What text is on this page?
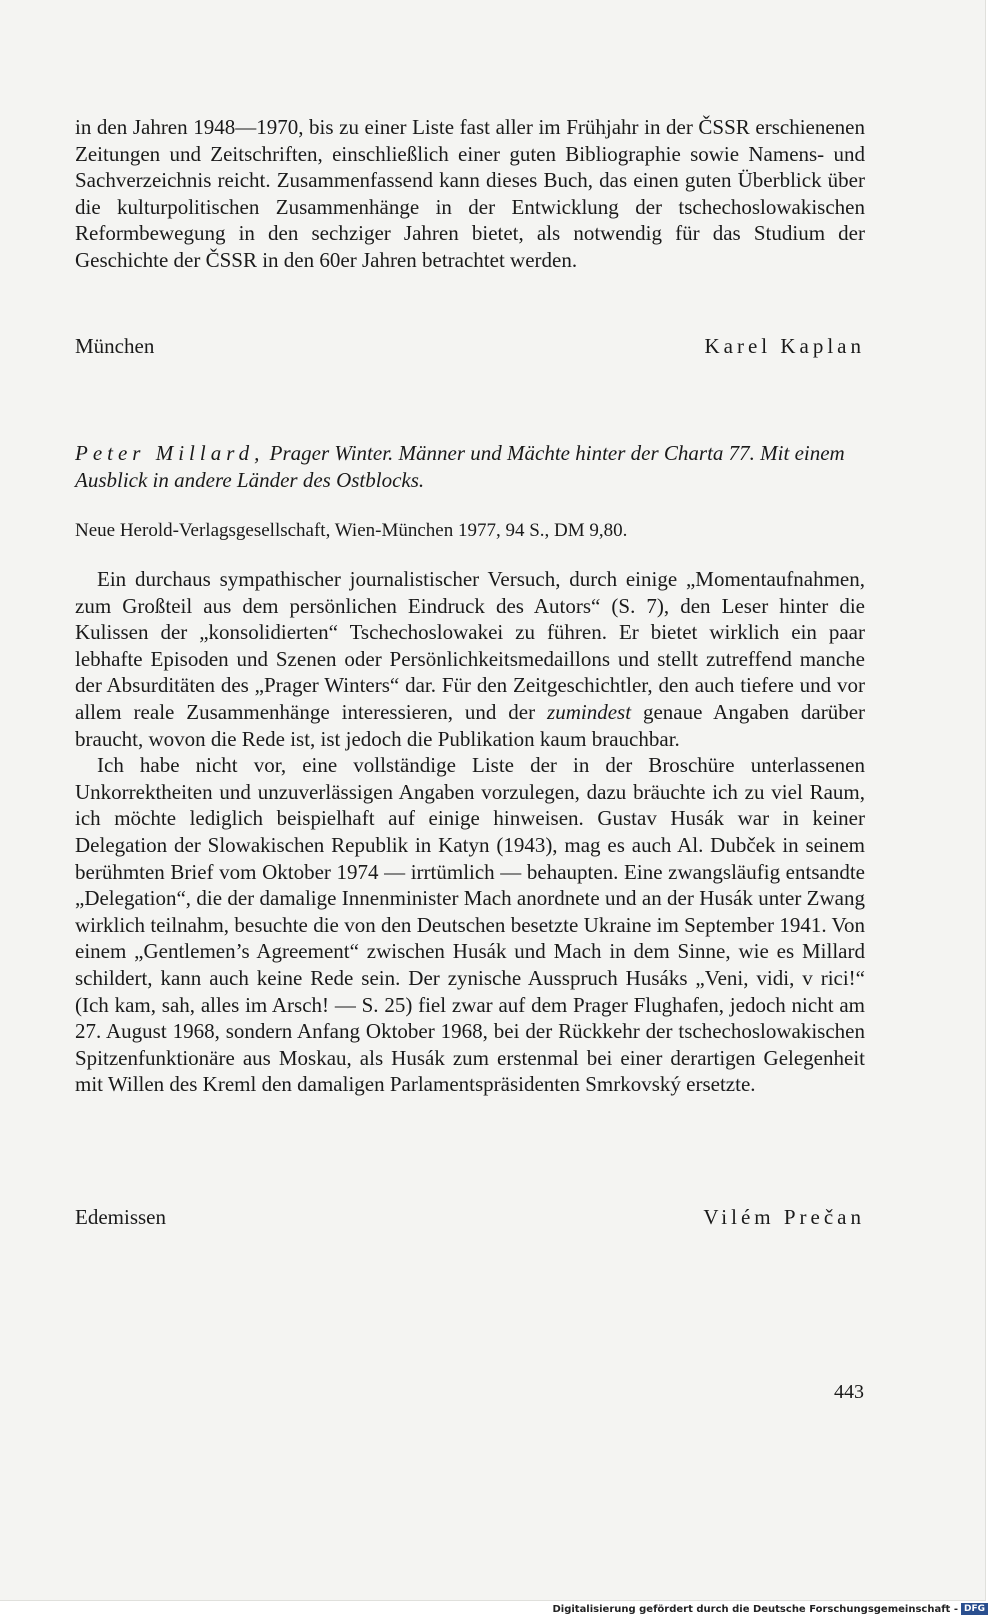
in den Jahren 1948—1970, bis zu einer Liste fast aller im Frühjahr in der ČSSR erschienenen Zeitungen und Zeitschriften, einschließlich einer guten Bibliographie sowie Namens- und Sachverzeichnis reicht. Zusammenfassend kann dieses Buch, das einen guten Überblick über die kulturpolitischen Zusammenhänge in der Entwicklung der tschechoslowakischen Reformbewegung in den sechziger Jahren bietet, als notwendig für das Studium der Geschichte der ČSSR in den 60er Jahren betrachtet werden.

München	Karel Kaplan
Peter Millard, Prager Winter. Männer und Mächte hinter der Charta 77. Mit einem Ausblick in andere Länder des Ostblocks.
Neue Herold-Verlagsgesellschaft, Wien-München 1977, 94 S., DM 9,80.

Ein durchaus sympathischer journalistischer Versuch, durch einige „Momentaufnahmen, zum Großteil aus dem persönlichen Eindruck des Autors“ (S. 7), den Leser hinter die Kulissen der „konsolidierten“ Tschechoslowakei zu führen. Er bietet wirklich ein paar lebhafte Episoden und Szenen oder Persönlichkeitsmedaillons und stellt zutreffend manche der Absurditäten des „Prager Winters“ dar. Für den Zeitgeschichtler, den auch tiefere und vor allem reale Zusammenhänge interessieren, und der zumindest genaue Angaben darüber braucht, wovon die Rede ist, ist jedoch die Publikation kaum brauchbar.

Ich habe nicht vor, eine vollständige Liste der in der Broschüre unterlassenen Unkorrektheiten und unzuverlässigen Angaben vorzulegen, dazu bräuchte ich zu viel Raum, ich möchte lediglich beispielhaft auf einige hinweisen. Gustav Husák war in keiner Delegation der Slowakischen Republik in Katyn (1943), mag es auch Al. Dubček in seinem berühmten Brief vom Oktober 1974 — irrtümlich — behaupten. Eine zwangsläufig entsandte „Delegation“, die der damalige Innenminister Mach anordnete und an der Husák unter Zwang wirklich teilnahm, besuchte die von den Deutschen besetzte Ukraine im September 1941. Von einem „Gentlemen’s Agreement“ zwischen Husák und Mach in dem Sinne, wie es Millard schildert, kann auch keine Rede sein. Der zynische Ausspruch Husáks „Veni, vidi, v rici!“ (Ich kam, sah, alles im Arsch! — S. 25) fiel zwar auf dem Prager Flughafen, jedoch nicht am 27. August 1968, sondern Anfang Oktober 1968, bei der Rückkehr der tschechoslowakischen Spitzenfunktionäre aus Moskau, als Husák zum erstenmal bei einer derartigen Gelegenheit mit Willen des Kreml den damaligen Parlamentspräsidenten Smrkovský ersetzte.

Edemissen	Vilém Prečan
443
Digitalisierung gefördert durch die Deutsche Forschungsgemeinschaft - DFG
